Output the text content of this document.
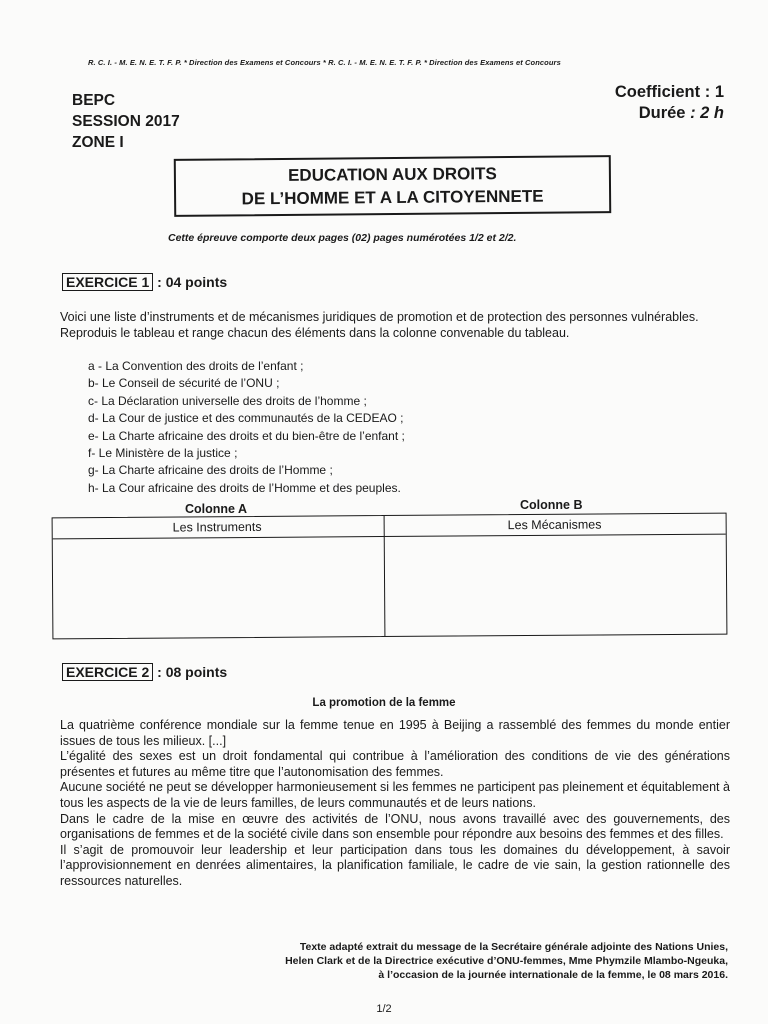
R. C. I. - M. E. N. E. T. F. P. * Direction des Examens et Concours * R. C. I. - M. E. N. E. T. F. P. * Direction des Examens et Concours
BEPC
SESSION 2017
ZONE I
Coefficient : 1
Durée : 2 h
EDUCATION AUX DROITS
DE L’HOMME ET A LA CITOYENNETE
Cette épreuve comporte deux pages (02) pages numérotées 1/2 et 2/2.
EXERCICE 1 : 04 points
Voici une liste d’instruments et de mécanismes juridiques de promotion et de protection des personnes vulnérables.
Reproduis le tableau et range chacun des éléments dans la colonne convenable du tableau.
a - La Convention des droits de l’enfant ;
b- Le Conseil de sécurité de l’ONU ;
c- La Déclaration universelle des droits de l’homme ;
d- La Cour de justice et des communautés de la CEDEAO ;
e- La Charte africaine des droits et du bien-être de l’enfant ;
f- Le Ministère de la justice ;
g- La Charte africaine des droits de l’Homme ;
h- La Cour africaine des droits de l’Homme et des peuples.
Colonne A	Colonne B
Les Instruments	Les Mécanismes
EXERCICE 2 : 08 points
La promotion de la femme

La quatrième conférence mondiale sur la femme tenue en 1995 à Beijing a rassemblé des femmes du monde entier issues de tous les milieux. [...]

L’égalité des sexes est un droit fondamental qui contribue à l’amélioration des conditions de vie des générations présentes et futures au même titre que l’autonomisation des femmes.

Aucune société ne peut se développer harmonieusement si les femmes ne participent pas pleinement et équitablement à tous les aspects de la vie de leurs familles, de leurs communautés et de leurs nations.

Dans le cadre de la mise en œuvre des activités de l’ONU, nous avons travaillé avec des gouvernements, des organisations de femmes et de la société civile dans son ensemble pour répondre aux besoins des femmes et des filles.

Il s’agit de promouvoir leur leadership et leur participation dans tous les domaines du développement, à savoir l’approvisionnement en denrées alimentaires, la planification familiale, le cadre de vie sain, la gestion rationnelle des ressources naturelles.

Texte adapté extrait du message de la Secrétaire générale adjointe des Nations Unies,
Helen Clark et de la Directrice exécutive d’ONU-femmes, Mme Phymzile Mlambo-Ngeuka,
à l’occasion de la journée internationale de la femme, le 08 mars 2016.
1/2
